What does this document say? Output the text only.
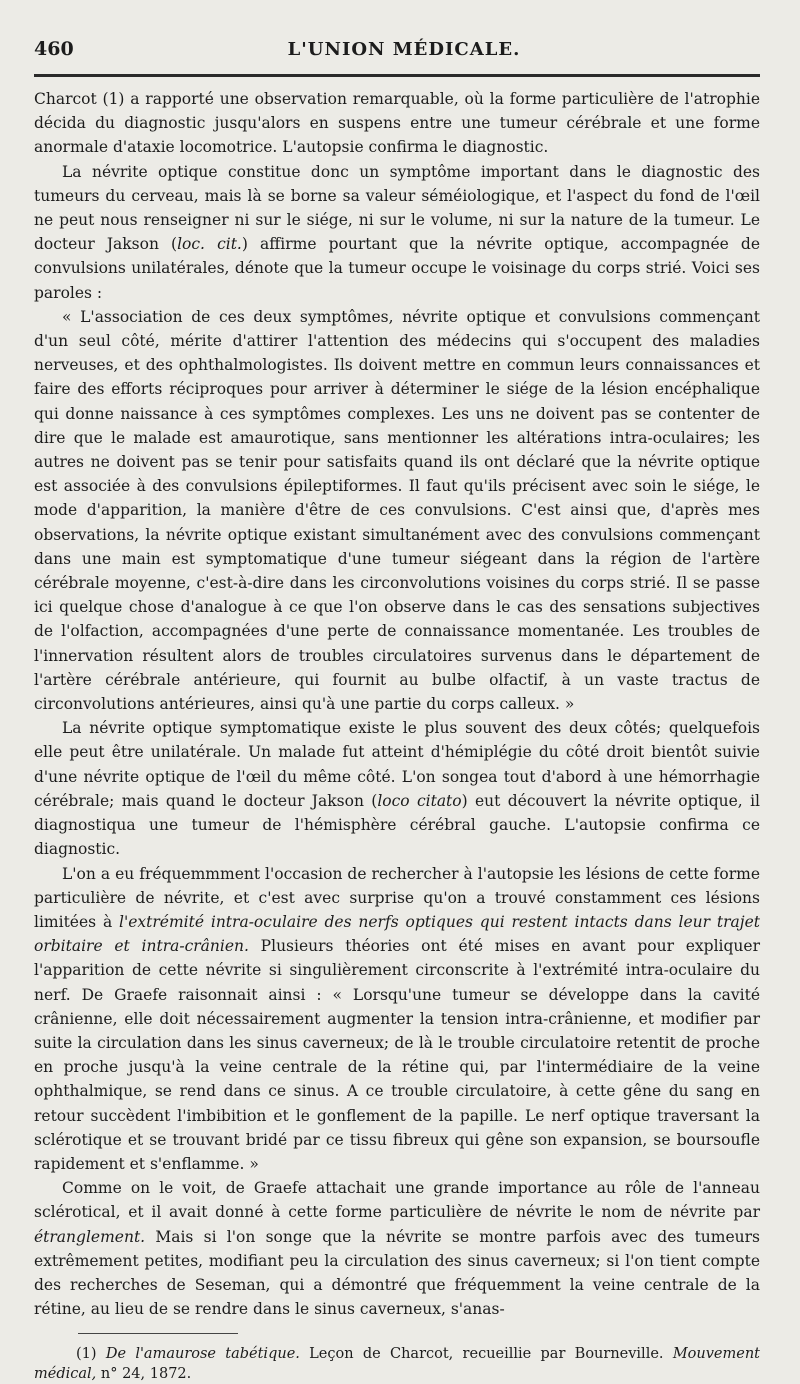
460	L'UNION MÉDICALE.

Charcot (1) a rapporté une observation remarquable, où la forme particulière de l'atrophie décida du diagnostic jusqu'alors en suspens entre une tumeur cérébrale et une forme anormale d'ataxie locomotrice. L'autopsie confirma le diagnostic.

La névrite optique constitue donc un symptôme important dans le diagnostic des tumeurs du cerveau, mais là se borne sa valeur séméiologique, et l'aspect du fond de l'œil ne peut nous renseigner ni sur le siége, ni sur le volume, ni sur la nature de la tumeur. Le docteur Jakson (loc. cit.) affirme pourtant que la névrite optique, accompagnée de convulsions unilatérales, dénote que la tumeur occupe le voisinage du corps strié. Voici ses paroles :

« L'association de ces deux symptômes, névrite optique et convulsions commençant d'un seul côté, mérite d'attirer l'attention des médecins qui s'occupent des maladies nerveuses, et des ophthalmologistes. Ils doivent mettre en commun leurs connaissances et faire des efforts réciproques pour arriver à déterminer le siége de la lésion encéphalique qui donne naissance à ces symptômes complexes. Les uns ne doivent pas se contenter de dire que le malade est amaurotique, sans mentionner les altérations intra-oculaires; les autres ne doivent pas se tenir pour satisfaits quand ils ont déclaré que la névrite optique est associée à des convulsions épileptiformes. Il faut qu'ils précisent avec soin le siége, le mode d'apparition, la manière d'être de ces convulsions. C'est ainsi que, d'après mes observations, la névrite optique existant simultanément avec des convulsions commençant dans une main est symptomatique d'une tumeur siégeant dans la région de l'artère cérébrale moyenne, c'est-à-dire dans les circonvolutions voisines du corps strié. Il se passe ici quelque chose d'analogue à ce que l'on observe dans le cas des sensations subjectives de l'olfaction, accompagnées d'une perte de connaissance momentanée. Les troubles de l'innervation résultent alors de troubles circulatoires survenus dans le département de l'artère cérébrale antérieure, qui fournit au bulbe olfactif, à un vaste tractus de circonvolutions antérieures, ainsi qu'à une partie du corps calleux. »

La névrite optique symptomatique existe le plus souvent des deux côtés; quelquefois elle peut être unilatérale. Un malade fut atteint d'hémiplégie du côté droit bientôt suivie d'une névrite optique de l'œil du même côté. L'on songea tout d'abord à une hémorrhagie cérébrale; mais quand le docteur Jakson (loco citato) eut découvert la névrite optique, il diagnostiqua une tumeur de l'hémisphère cérébral gauche. L'autopsie confirma ce diagnostic.

L'on a eu fréquemmment l'occasion de rechercher à l'autopsie les lésions de cette forme particulière de névrite, et c'est avec surprise qu'on a trouvé constamment ces lésions limitées à l'extrémité intra-oculaire des nerfs optiques qui restent intacts dans leur trajet orbitaire et intra-crânien. Plusieurs théories ont été mises en avant pour expliquer l'apparition de cette névrite si singulièrement circonscrite à l'extrémité intra-oculaire du nerf. De Graefe raisonnait ainsi : « Lorsqu'une tumeur se développe dans la cavité crânienne, elle doit nécessairement augmenter la tension intra-crânienne, et modifier par suite la circulation dans les sinus caverneux; de là le trouble circulatoire retentit de proche en proche jusqu'à la veine centrale de la rétine qui, par l'intermédiaire de la veine ophthalmique, se rend dans ce sinus. A ce trouble circulatoire, à cette gêne du sang en retour succèdent l'imbibition et le gonflement de la papille. Le nerf optique traversant la sclérotique et se trouvant bridé par ce tissu fibreux qui gêne son expansion, se boursoufle rapidement et s'enflamme. »

Comme on le voit, de Graefe attachait une grande importance au rôle de l'anneau sclérotical, et il avait donné à cette forme particulière de névrite le nom de névrite par étranglement. Mais si l'on songe que la névrite se montre parfois avec des tumeurs extrêmement petites, modifiant peu la circulation des sinus caverneux; si l'on tient compte des recherches de Seseman, qui a démontré que fréquemment la veine centrale de la rétine, au lieu de se rendre dans le sinus caverneux, s'anas-

(1) De l'amaurose tabétique. Leçon de Charcot, recueillie par Bourneville. Mouvement médical, n° 24, 1872.
